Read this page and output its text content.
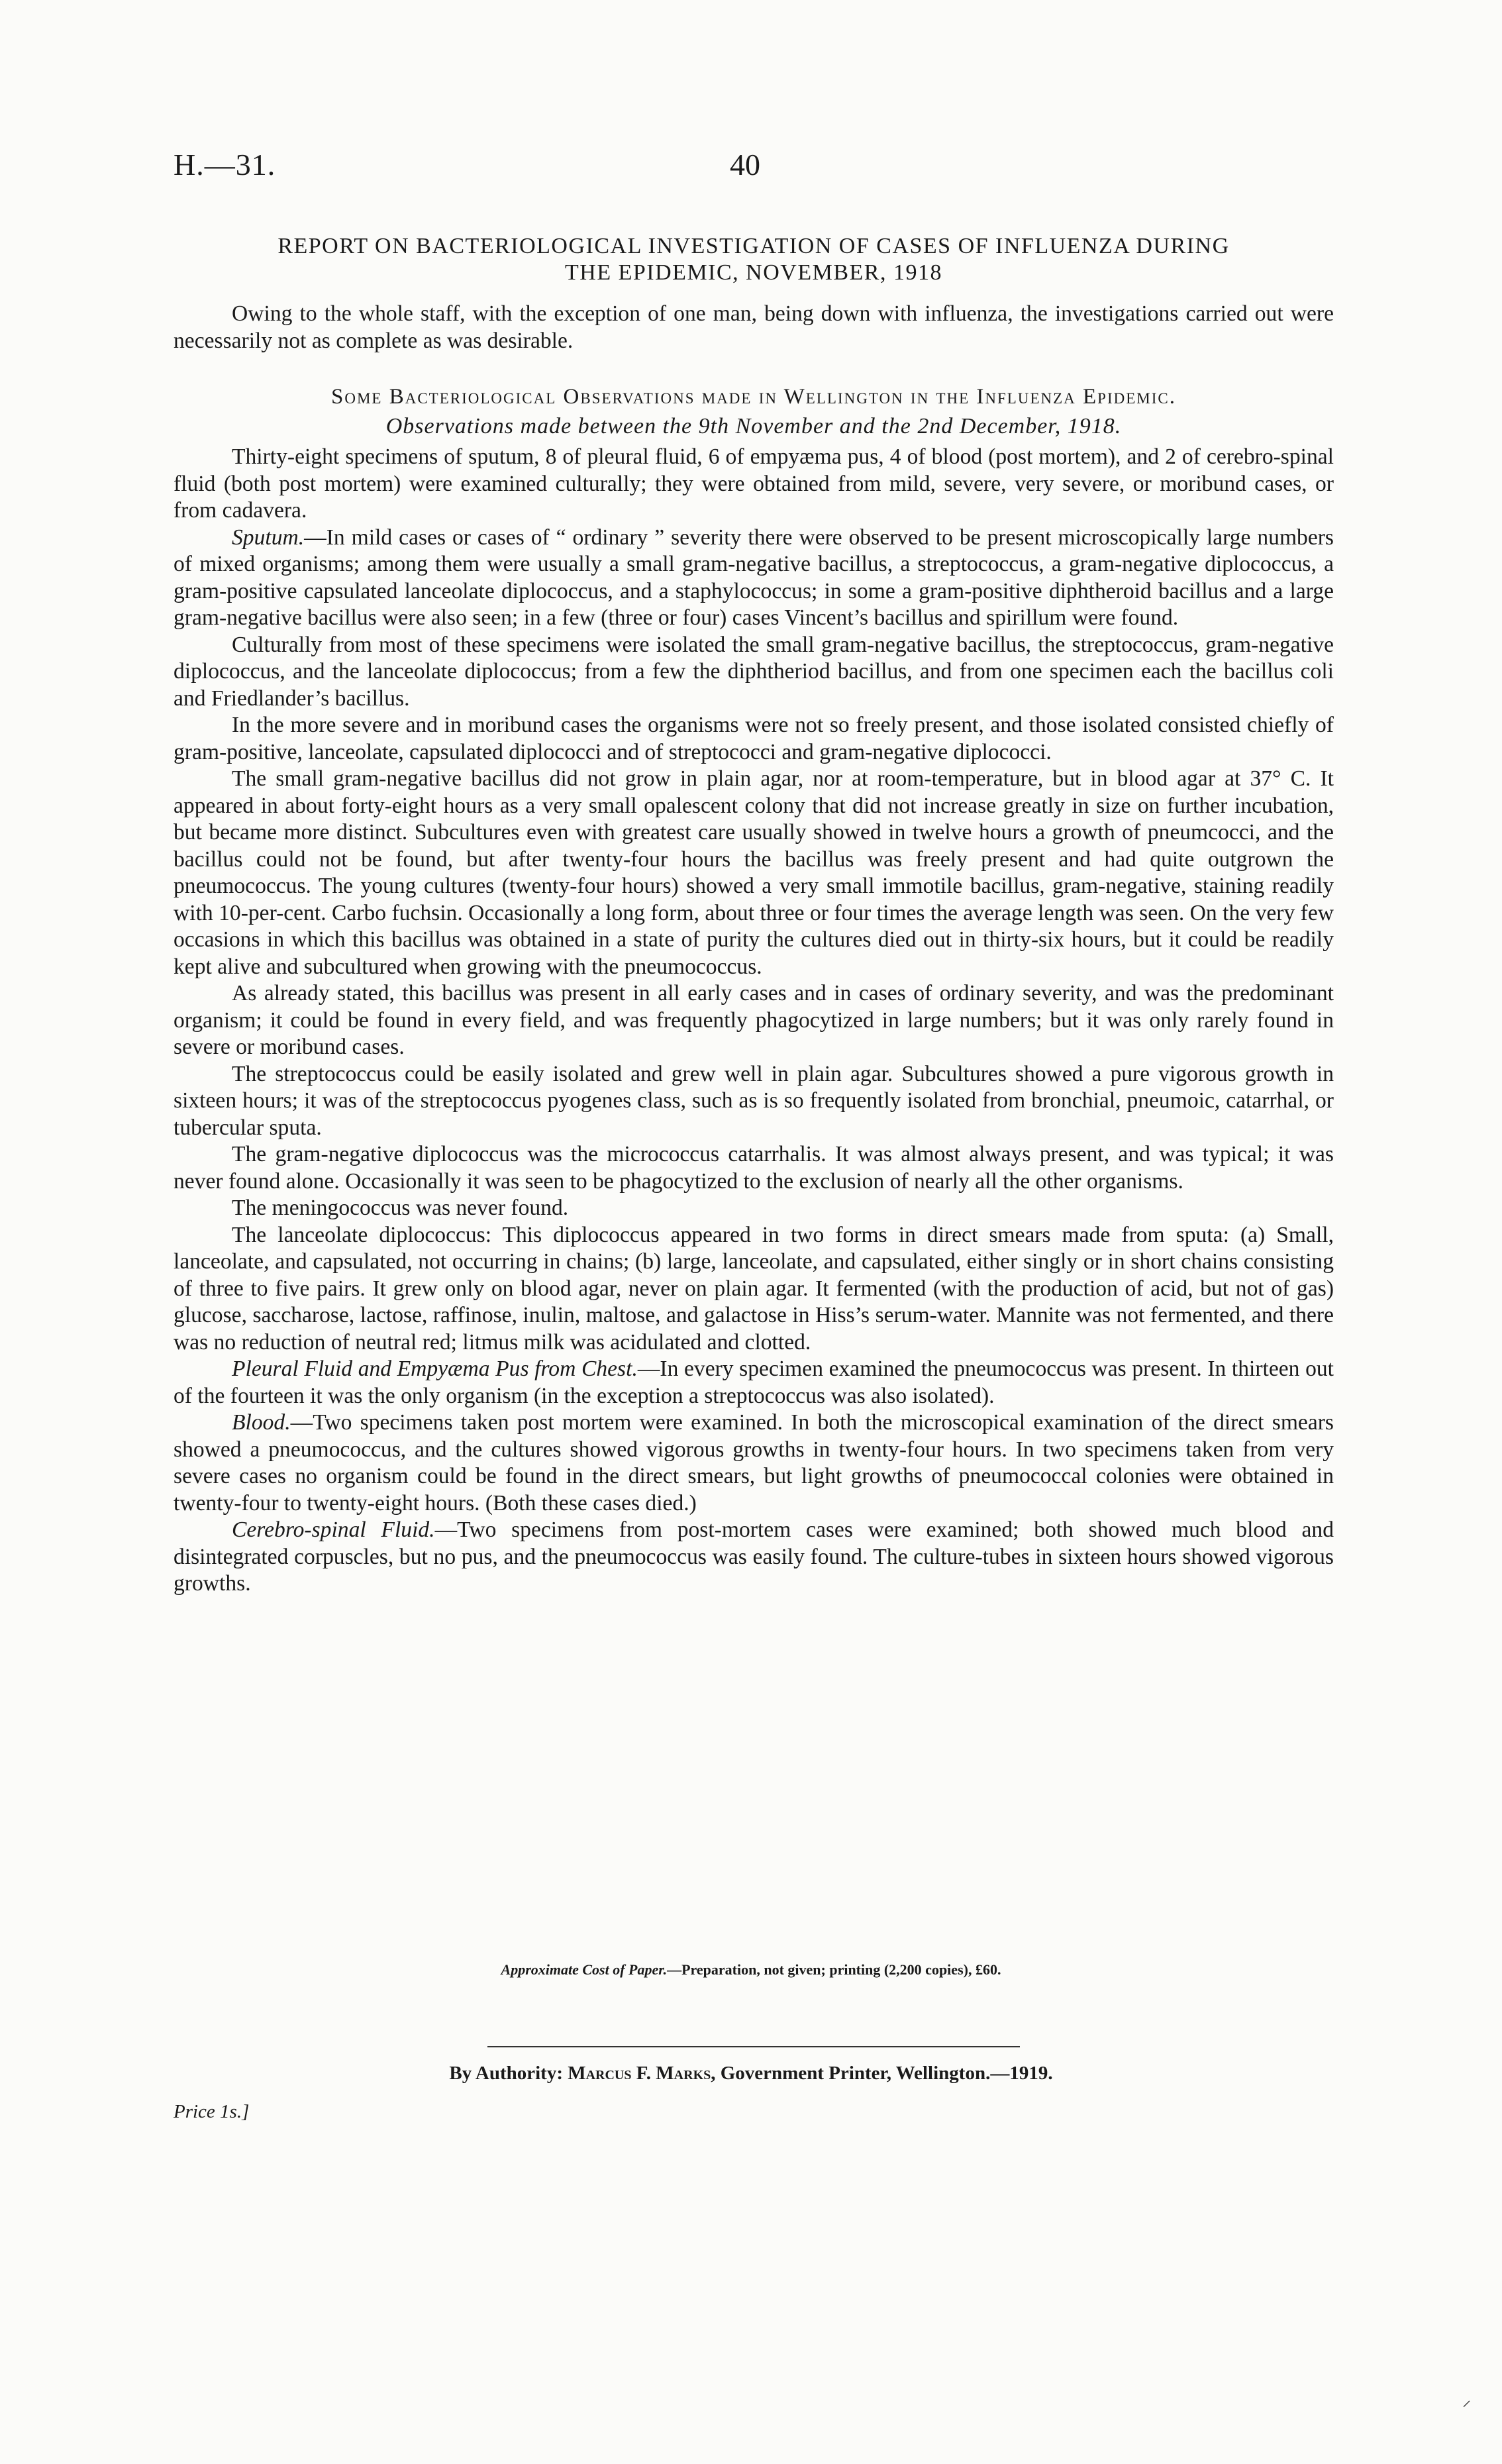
H.—31.	40
REPORT ON BACTERIOLOGICAL INVESTIGATION OF CASES OF INFLUENZA DURING
THE EPIDEMIC, NOVEMBER, 1918

Owing to the whole staff, with the exception of one man, being down with influenza, the investigations carried out were necessarily not as complete as was desirable.

Some Bacteriological Observations made in Wellington in the Influenza Epidemic.
Observations made between the 9th November and the 2nd December, 1918.

Thirty-eight specimens of sputum, 8 of pleural fluid, 6 of empyæma pus, 4 of blood (post mortem), and 2 of cerebro-spinal fluid (both post mortem) were examined culturally; they were obtained from mild, severe, very severe, or moribund cases, or from cadavera.

Sputum.—In mild cases or cases of “ ordinary ” severity there were observed to be present microscopically large numbers of mixed organisms; among them were usually a small gram-negative bacillus, a streptococcus, a gram-negative diplococcus, a gram-positive capsulated lanceolate diplococcus, and a staphylococcus; in some a gram-positive diphtheroid bacillus and a large gram-negative bacillus were also seen; in a few (three or four) cases Vincent’s bacillus and spirillum were found.

Culturally from most of these specimens were isolated the small gram-negative bacillus, the streptococcus, gram-negative diplococcus, and the lanceolate diplococcus; from a few the diphtheriod bacillus, and from one specimen each the bacillus coli and Friedlander’s bacillus.

In the more severe and in moribund cases the organisms were not so freely present, and those isolated consisted chiefly of gram-positive, lanceolate, capsulated diplococci and of streptococci and gram-negative diplococci.

The small gram-negative bacillus did not grow in plain agar, nor at room-temperature, but in blood agar at 37° C. It appeared in about forty-eight hours as a very small opalescent colony that did not increase greatly in size on further incubation, but became more distinct. Subcultures even with greatest care usually showed in twelve hours a growth of pneumcocci, and the bacillus could not be found, but after twenty-four hours the bacillus was freely present and had quite outgrown the pneumococcus. The young cultures (twenty-four hours) showed a very small immotile bacillus, gram-negative, staining readily with 10-per-cent. Carbo fuchsin. Occasionally a long form, about three or four times the average length was seen. On the very few occasions in which this bacillus was obtained in a state of purity the cultures died out in thirty-six hours, but it could be readily kept alive and subcultured when growing with the pneumococcus.

As already stated, this bacillus was present in all early cases and in cases of ordinary severity, and was the predominant organism; it could be found in every field, and was frequently phagocytized in large numbers; but it was only rarely found in severe or moribund cases.

The streptococcus could be easily isolated and grew well in plain agar. Subcultures showed a pure vigorous growth in sixteen hours; it was of the streptococcus pyogenes class, such as is so frequently isolated from bronchial, pneumoic, catarrhal, or tubercular sputa.

The gram-negative diplococcus was the micrococcus catarrhalis. It was almost always present, and was typical; it was never found alone. Occasionally it was seen to be phagocytized to the exclusion of nearly all the other organisms.

The meningococcus was never found.

The lanceolate diplococcus: This diplococcus appeared in two forms in direct smears made from sputa: (a) Small, lanceolate, and capsulated, not occurring in chains; (b) large, lanceolate, and capsulated, either singly or in short chains consisting of three to five pairs. It grew only on blood agar, never on plain agar. It fermented (with the production of acid, but not of gas) glucose, saccharose, lactose, raffinose, inulin, maltose, and galactose in Hiss’s serum-water. Mannite was not fermented, and there was no reduction of neutral red; litmus milk was acidulated and clotted.

Pleural Fluid and Empyæma Pus from Chest.—In every specimen examined the pneumococcus was present. In thirteen out of the fourteen it was the only organism (in the exception a streptococcus was also isolated).

Blood.—Two specimens taken post mortem were examined. In both the microscopical examination of the direct smears showed a pneumococcus, and the cultures showed vigorous growths in twenty-four hours. In two specimens taken from very severe cases no organism could be found in the direct smears, but light growths of pneumococcal colonies were obtained in twenty-four to twenty-eight hours. (Both these cases died.)

Cerebro-spinal Fluid.—Two specimens from post-mortem cases were examined; both showed much blood and disintegrated corpuscles, but no pus, and the pneumococcus was easily found. The culture-tubes in sixteen hours showed vigorous growths.

Approximate Cost of Paper.—Preparation, not given; printing (2,200 copies), £60.
By Authority: Marcus F. Marks, Government Printer, Wellington.—1919.
Price 1s.]
⸝
